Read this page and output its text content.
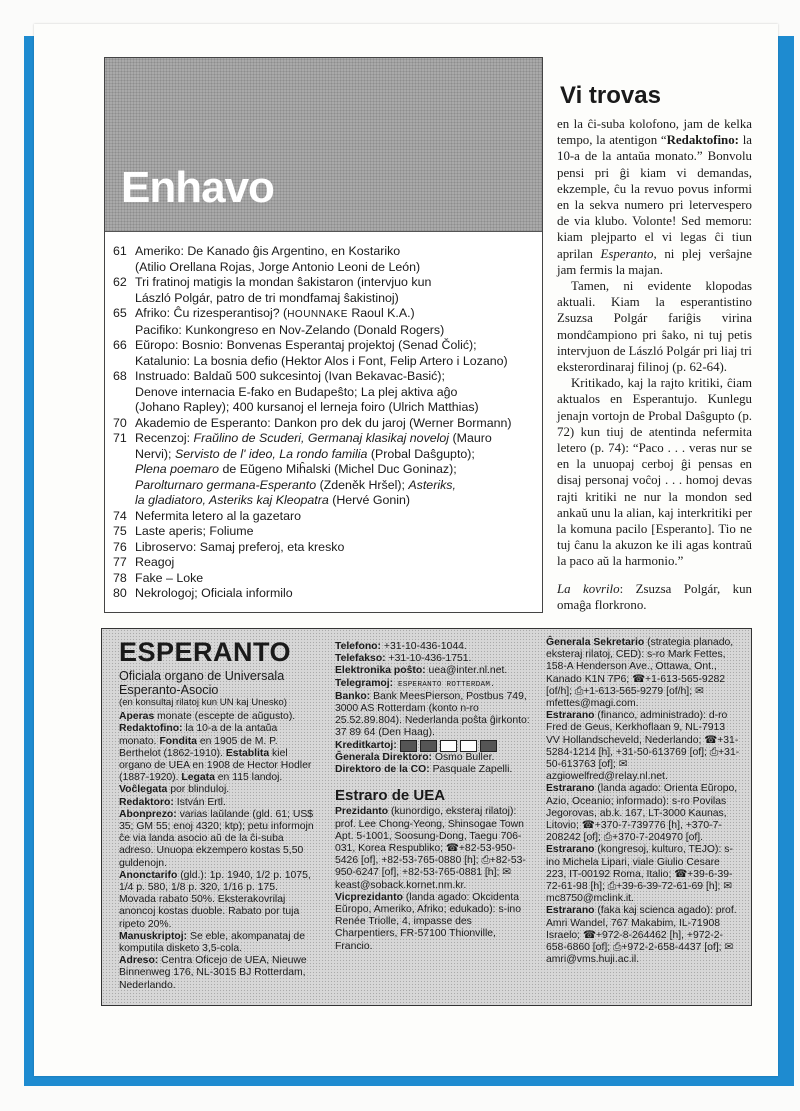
Enhavo
61 Ameriko: De Kanado ĝis Argentino, en Kostariko
(Atilio Orellana Rojas, Jorge Antonio Leoni de León)
62 Tri fratinoj matigis la mondan ŝakistaron (intervjuo kun
László Polgár, patro de tri mondfamaj ŝakistinoj)
65 Afriko: Ĉu rizesperantisoj? (HOUNNAKE Raoul K.A.)
Pacifiko: Kunkongreso en Nov-Zelando (Donald Rogers)
66 Eŭropo: Bosnio: Bonvenas Esperantaj projektoj (Senad Čolić);
Katalunio: La bosnia defio (Hektor Alos i Font, Felip Artero i Lozano)
68 Instruado: Baldaŭ 500 sukcesintoj (Ivan Bekavac-Basić);
Denove internacia E-fako en Budapeŝto; La plej aktiva aĝo
(Johano Rapley); 400 kursanoj el lerneja foiro (Ulrich Matthias)
70 Akademio de Esperanto: Dankon pro dek du jaroj (Werner Bormann)
71 Recenzoj: Fraŭlino de Scuderi, Germanaj klasikaj noveloj (Mauro
Nervi); Servisto de l' ideo, La rondo familia (Probal Daŝgupto);
Plena poemaro de Eŭgeno Miĥalski (Michel Duc Goninaz);
Parolturnaro germana-Esperanto (Zdeněk Hršel); Asteriks,
la gladiatoro, Asteriks kaj Kleopatra (Hervé Gonin)
74 Nefermita letero al la gazetaro
75 Laste aperis; Foliume
76 Libroservo: Samaj preferoj, eta kresko
77 Reagoj
78 Fake – Loke
80 Nekrologoj; Oficiala informilo
Vi trovas

en la ĉi-suba kolofono, jam de kelka tempo, la atentigon “Redaktofino: la 10-a de la antaŭa monato.” Bonvolu pensi pri ĝi kiam vi demandas, ekzemple, ĉu la revuo povus informi en la sekva numero pri letervespero de via klubo. Volonte! Sed memoru: kiam plejparto el vi legas ĉi tiun aprilan Esperanto, ni plej verŝajne jam fermis la majan.

Tamen, ni evidente klopodas aktuali. Kiam la esperantistino Zsuzsa Polgár fariĝis virina mondĉampiono pri ŝako, ni tuj petis intervjuon de László Polgár pri liaj tri eksterordinaraj filinoj (p. 62-64).

Kritikado, kaj la rajto kritiki, ĉiam aktualos en Esperantujo. Kunlegu jenajn vortojn de Probal Daŝgupto (p. 72) kun tiuj de atentinda nefermita letero (p. 74): “Paco . . . veras nur se en la unuopaj cerboj ĝi pensas en disaj personaj voĉoj . . . homoj devas rajti kritiki ne nur la mondon sed ankaŭ unu la alian, kaj interkritiki per la komuna pacilo [Esperanto]. Tio ne tuj ĉanu la akuzon ke ili agas kontraŭ la paco aŭ la harmonio.”

La kovrilo: Zsuzsa Polgár, kun omaĝa florkrono.
ESPERANTO
Oficiala organo de Universala Esperanto-Asocio
(en konsultaj rilatoj kun UN kaj Unesko)

Aperas monate (escepte de aŭgusto).
Redaktofino: la 10-a de la antaŭa monato. Fondita en 1905 de M. P. Berthelot (1862-1910). Establita kiel organo de UEA en 1908 de Hector Hodler (1887-1920). Legata en 115 landoj. Voĉlegata por blinduloj.

Redaktoro: István Ertl.

Abonprezo: varias laŭlande (gld. 61; US$ 35; GM 55; enoj 4320; ktp); petu informojn ĉe via landa asocio aŭ de la ĉi-suba adreso. Unuopa ekzempero kostas 5,50 guldenojn.

Anonctarifo (gld.): 1p. 1940, 1/2 p. 1075, 1/4 p. 580, 1/8 p. 320, 1/16 p. 175. Movada rabato 50%. Eksterakovrilaj anoncoj kostas duoble. Rabato por tuja ripeto 20%.

Manuskriptoj: Se eble, akompanataj de komputila disketo 3,5-cola.

Adreso: Centra Oficejo de UEA, Nieuwe Binnenweg 176, NL-3015 BJ Rotterdam, Nederlando.

Telefono: +31-10-436-1044.

Telefakso: +31-10-436-1751.

Elektronika poŝto: uea@inter.nl.net.

Telegramoj: ESPERANTO ROTTERDAM.

Banko: Bank MeesPierson, Postbus 749, 3000 AS Rotterdam (konto n-ro 25.52.89.804). Nederlanda poŝta ĝirkonto: 37 89 64 (Den Haag).

Kreditkartoj:

Ĝenerala Direktoro: Osmo Buller.

Direktoro de la CO: Pasquale Zapelli.

Estraro de UEA

Prezidanto (kunordigo, eksteraj rilatoj): prof. Lee Chong-Yeong, Shinsogae Town Apt. 5-1001, Soosung-Dong, Taegu 706-031, Korea Respubliko; ☎+82-53-950-5426 [of], +82-53-765-0880 [h]; ⎙+82-53-950-6247 [of], +82-53-765-0881 [h]; ✉keast@soback.kornet.nm.kr.

Vicprezidanto (landa agado: Okcidenta Eŭropo, Ameriko, Afriko; edukado): s-ino Renée Triolle, 4, impasse des Charpentiers, FR-57100 Thionville, Francio.

Ĝenerala Sekretario (strategia planado, eksteraj rilatoj, CED): s-ro Mark Fettes, 158-A Henderson Ave., Ottawa, Ont., Kanado K1N 7P6; ☎+1-613-565-9282 [of/h]; ⎙+1-613-565-9279 [of/h]; ✉mfettes@magi.com.

Estrarano (financo, administrado): d-ro Fred de Geus, Kerkhoflaan 9, NL-7913 VV Hollandscheveld, Nederlando; ☎+31-5284-1214 [h], +31-50-613769 [of]; ⎙+31-50-613763 [of]; ✉azgiowelfred@relay.nl.net.

Estrarano (landa agado: Orienta Eŭropo, Azio, Oceanio; informado): s-ro Povilas Jegorovas, ab.k. 167, LT-3000 Kaunas, Litovio; ☎+370-7-739776 [h], +370-7-208242 [of]; ⎙+370-7-204970 [of].

Estrarano (kongresoj, kulturo, TEJO): s-ino Michela Lipari, viale Giulio Cesare 223, IT-00192 Roma, Italio; ☎+39-6-39-72-61-98 [h]; ⎙+39-6-39-72-61-69 [h]; ✉mc8750@mclink.it.

Estrarano (faka kaj scienca agado): prof. Amri Wandel, 767 Makabim, IL-71908 Israelo; ☎+972-8-264462 [h], +972-2-658-6860 [of]; ⎙+972-2-658-4437 [of]; ✉amri@vms.huji.ac.il.
